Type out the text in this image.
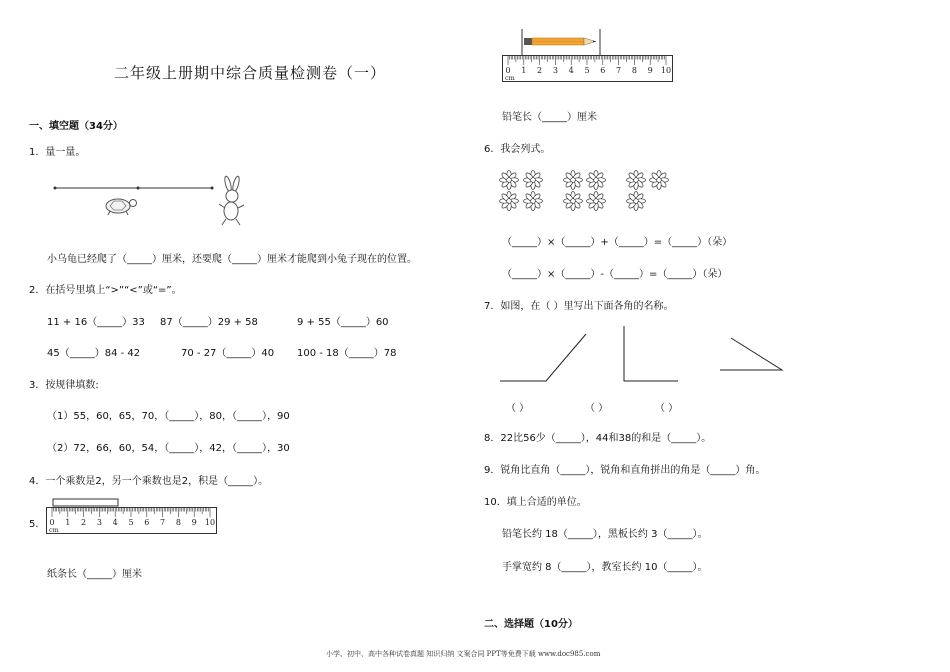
二年级上册期中综合质量检测卷（一）
一、填空题（34分）
1．量一量。
小乌龟已经爬了（_____）厘米，还要爬（_____）厘米才能爬到小兔子现在的位置。
2．在括号里填上“>”“<”或“=”。
11 + 16（_____）33 87（_____）29 + 58	9 + 55（_____）60
45（_____）84 - 42	70 - 27（_____）40 100 - 18（_____）78
3．按规律填数:
（1）55，60，65，70，（_____），80，（_____），90
（2）72，66，60，54，（_____），42，（_____），30
4．一个乘数是2，另一个乘数也是2，积是（_____）。
5． 0 1 2 3 4 5 6 7 8 9 10
cm
纸条长（_____）厘米
0 1 2 3 4 5 6 7 8 9 10
cm
铅笔长（_____）厘米
6．我会列式。
（_____）×（_____）+（_____）=（_____）（朵）
（_____）×（_____）-（_____）=（_____）（朵）
7．如图，在（ ）里写出下面各角的名称。
（ ）	（ ）	（ ）
8．22比56少（_____），44和38的和是（_____）。
9．锐角比直角（_____），锐角和直角拼出的角是（_____）角。
10．填上合适的单位。
铅笔长约 18（_____），黑板长约 3（_____）。
手掌宽约 8（_____），教室长约 10（_____）。
二、选择题（10分）
小学、初中、高中各种试卷真题 知识归纳 文案合同 PPT等免费下载 www.doc985.com
